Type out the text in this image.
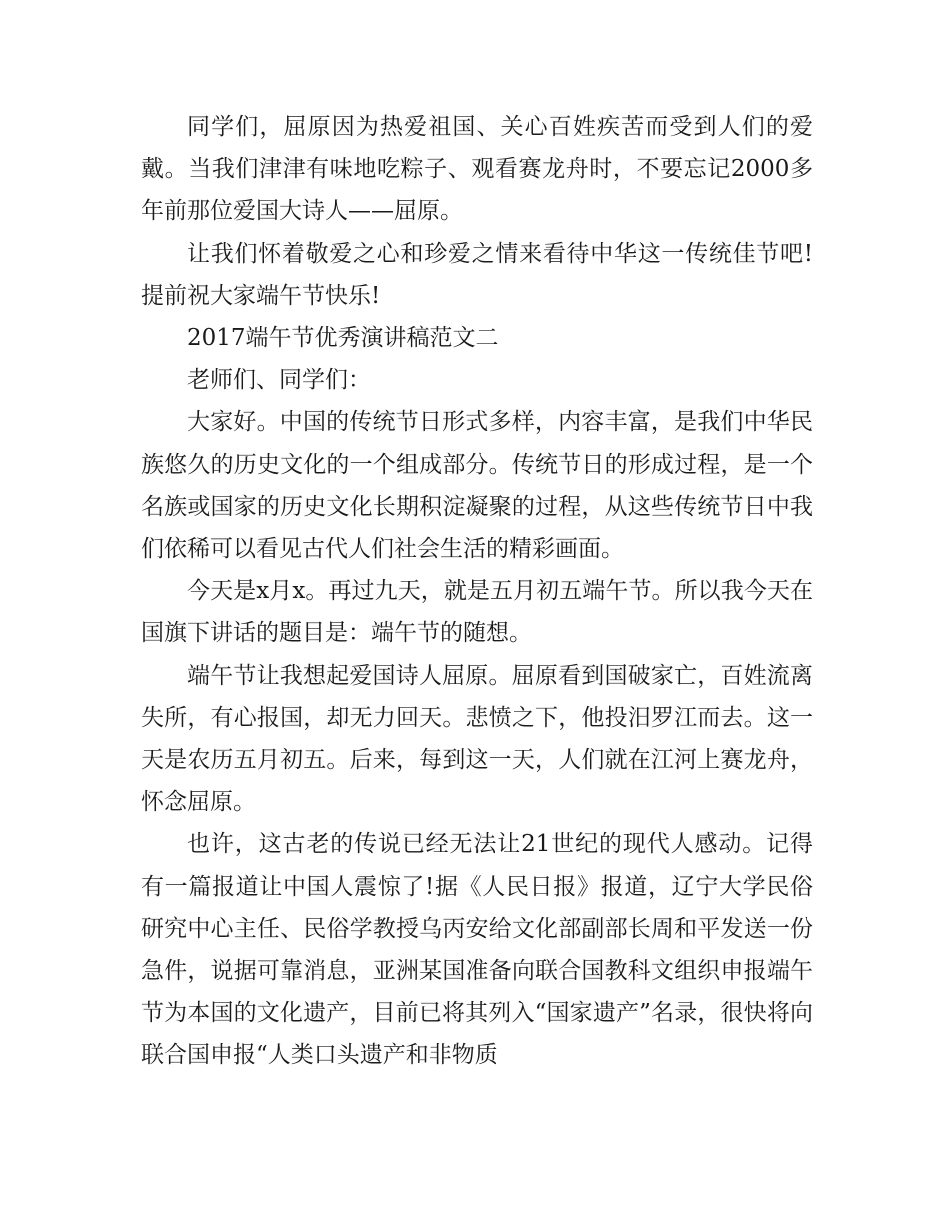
同学们，屈原因为热爱祖国、关心百姓疾苦而受到人们的爱戴。当我们津津有味地吃粽子、观看赛龙舟时，不要忘记2000多年前那位爱国大诗人——屈原。

让我们怀着敬爱之心和珍爱之情来看待中华这一传统佳节吧!提前祝大家端午节快乐!

2017端午节优秀演讲稿范文二

老师们、同学们：

大家好。中国的传统节日形式多样，内容丰富，是我们中华民族悠久的历史文化的一个组成部分。传统节日的形成过程，是一个名族或国家的历史文化长期积淀凝聚的过程，从这些传统节日中我们依稀可以看见古代人们社会生活的精彩画面。

今天是x月x。再过九天，就是五月初五端午节。所以我今天在国旗下讲话的题目是：端午节的随想。

端午节让我想起爱国诗人屈原。屈原看到国破家亡，百姓流离失所，有心报国，却无力回天。悲愤之下，他投汨罗江而去。这一天是农历五月初五。后来，每到这一天，人们就在江河上赛龙舟，怀念屈原。

也许，这古老的传说已经无法让21世纪的现代人感动。记得有一篇报道让中国人震惊了!据《人民日报》报道，辽宁大学民俗研究中心主任、民俗学教授乌丙安给文化部副部长周和平发送一份急件，说据可靠消息，亚洲某国准备向联合国教科文组织申报端午节为本国的文化遗产，目前已将其列入“国家遗产”名录，很快将向联合国申报“人类口头遗产和非物质
